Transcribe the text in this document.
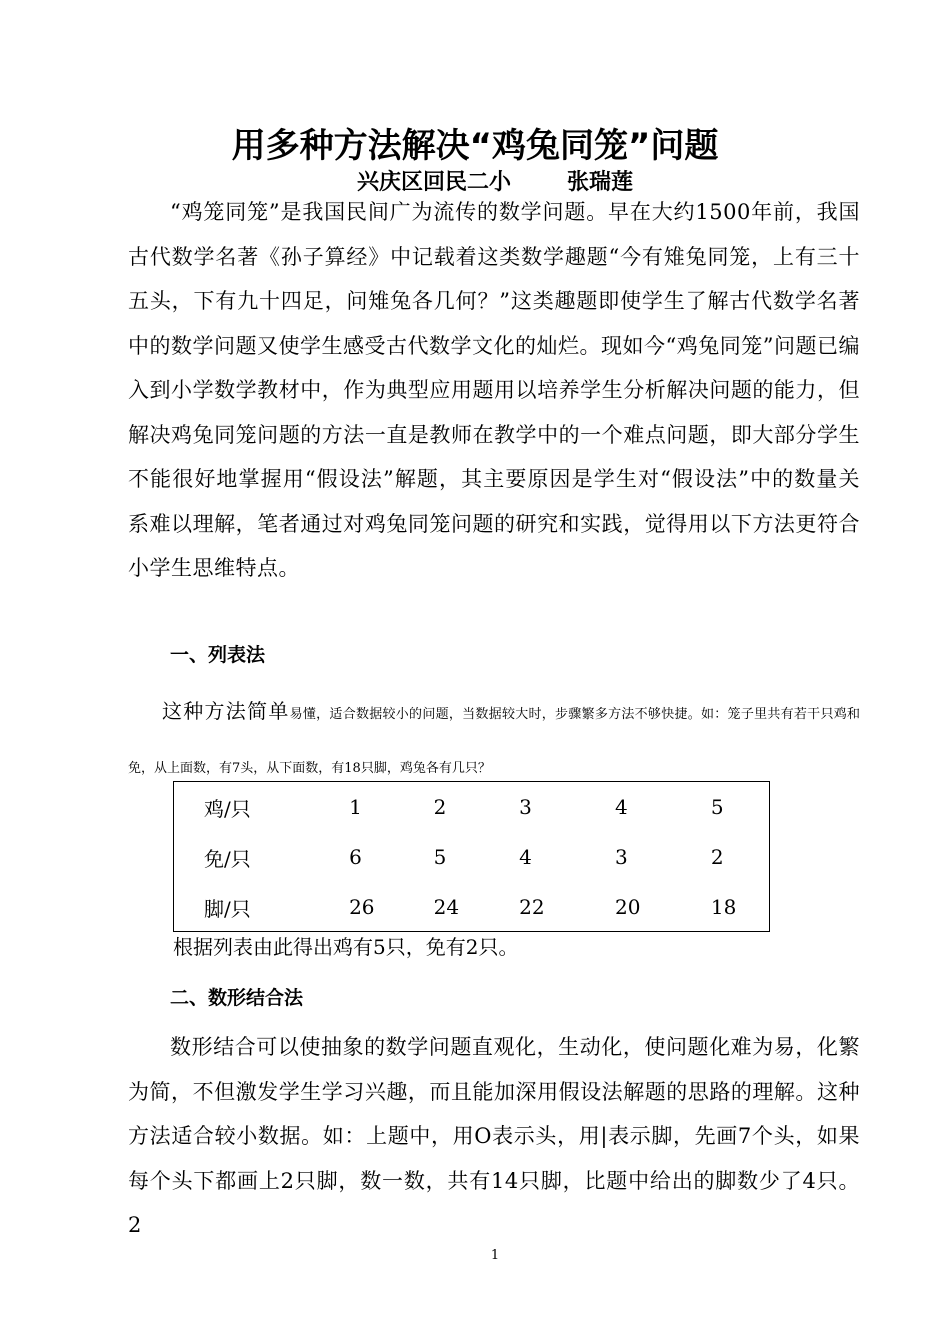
用多种方法解决“鸡兔同笼”问题
兴庆区回民二小	张瑞莲

“鸡笼同笼”是我国民间广为流传的数学问题。早在大约1500年前，我国古代数学名著《孙子算经》中记载着这类数学趣题“今有雉兔同笼，上有三十五头，下有九十四足，问雉兔各几何？”这类趣题即使学生了解古代数学名著中的数学问题又使学生感受古代数学文化的灿烂。现如今“鸡兔同笼”问题已编入到小学数学教材中，作为典型应用题用以培养学生分析解决问题的能力，但解决鸡兔同笼问题的方法一直是教师在教学中的一个难点问题，即大部分学生不能很好地掌握用“假设法”解题，其主要原因是学生对“假设法”中的数量关系难以理解，笔者通过对鸡兔同笼问题的研究和实践，觉得用以下方法更符合小学生思维特点。

一、列表法

这种方法简单易懂，适合数据较小的问题，当数据较大时，步骤繁多方法不够快捷。如：笼子里共有若干只鸡和免，从上面数，有7头，从下面数，有18只脚，鸡兔各有几只？

鸡/只	1	2	3	4	5
免/只	6	5	4	3	2
脚/只	26	24	22	20	18

根据列表由此得出鸡有5只，免有2只。

二、数形结合法

数形结合可以使抽象的数学问题直观化，生动化，使问题化难为易，化繁为简，不但激发学生学习兴趣，而且能加深用假设法解题的思路的理解。这种方法适合较小数据。如：上题中，用O表示头，用|表示脚，先画7个头，如果每个头下都画上2只脚，数一数，共有14只脚，比题中给出的脚数少了4只。2

1
